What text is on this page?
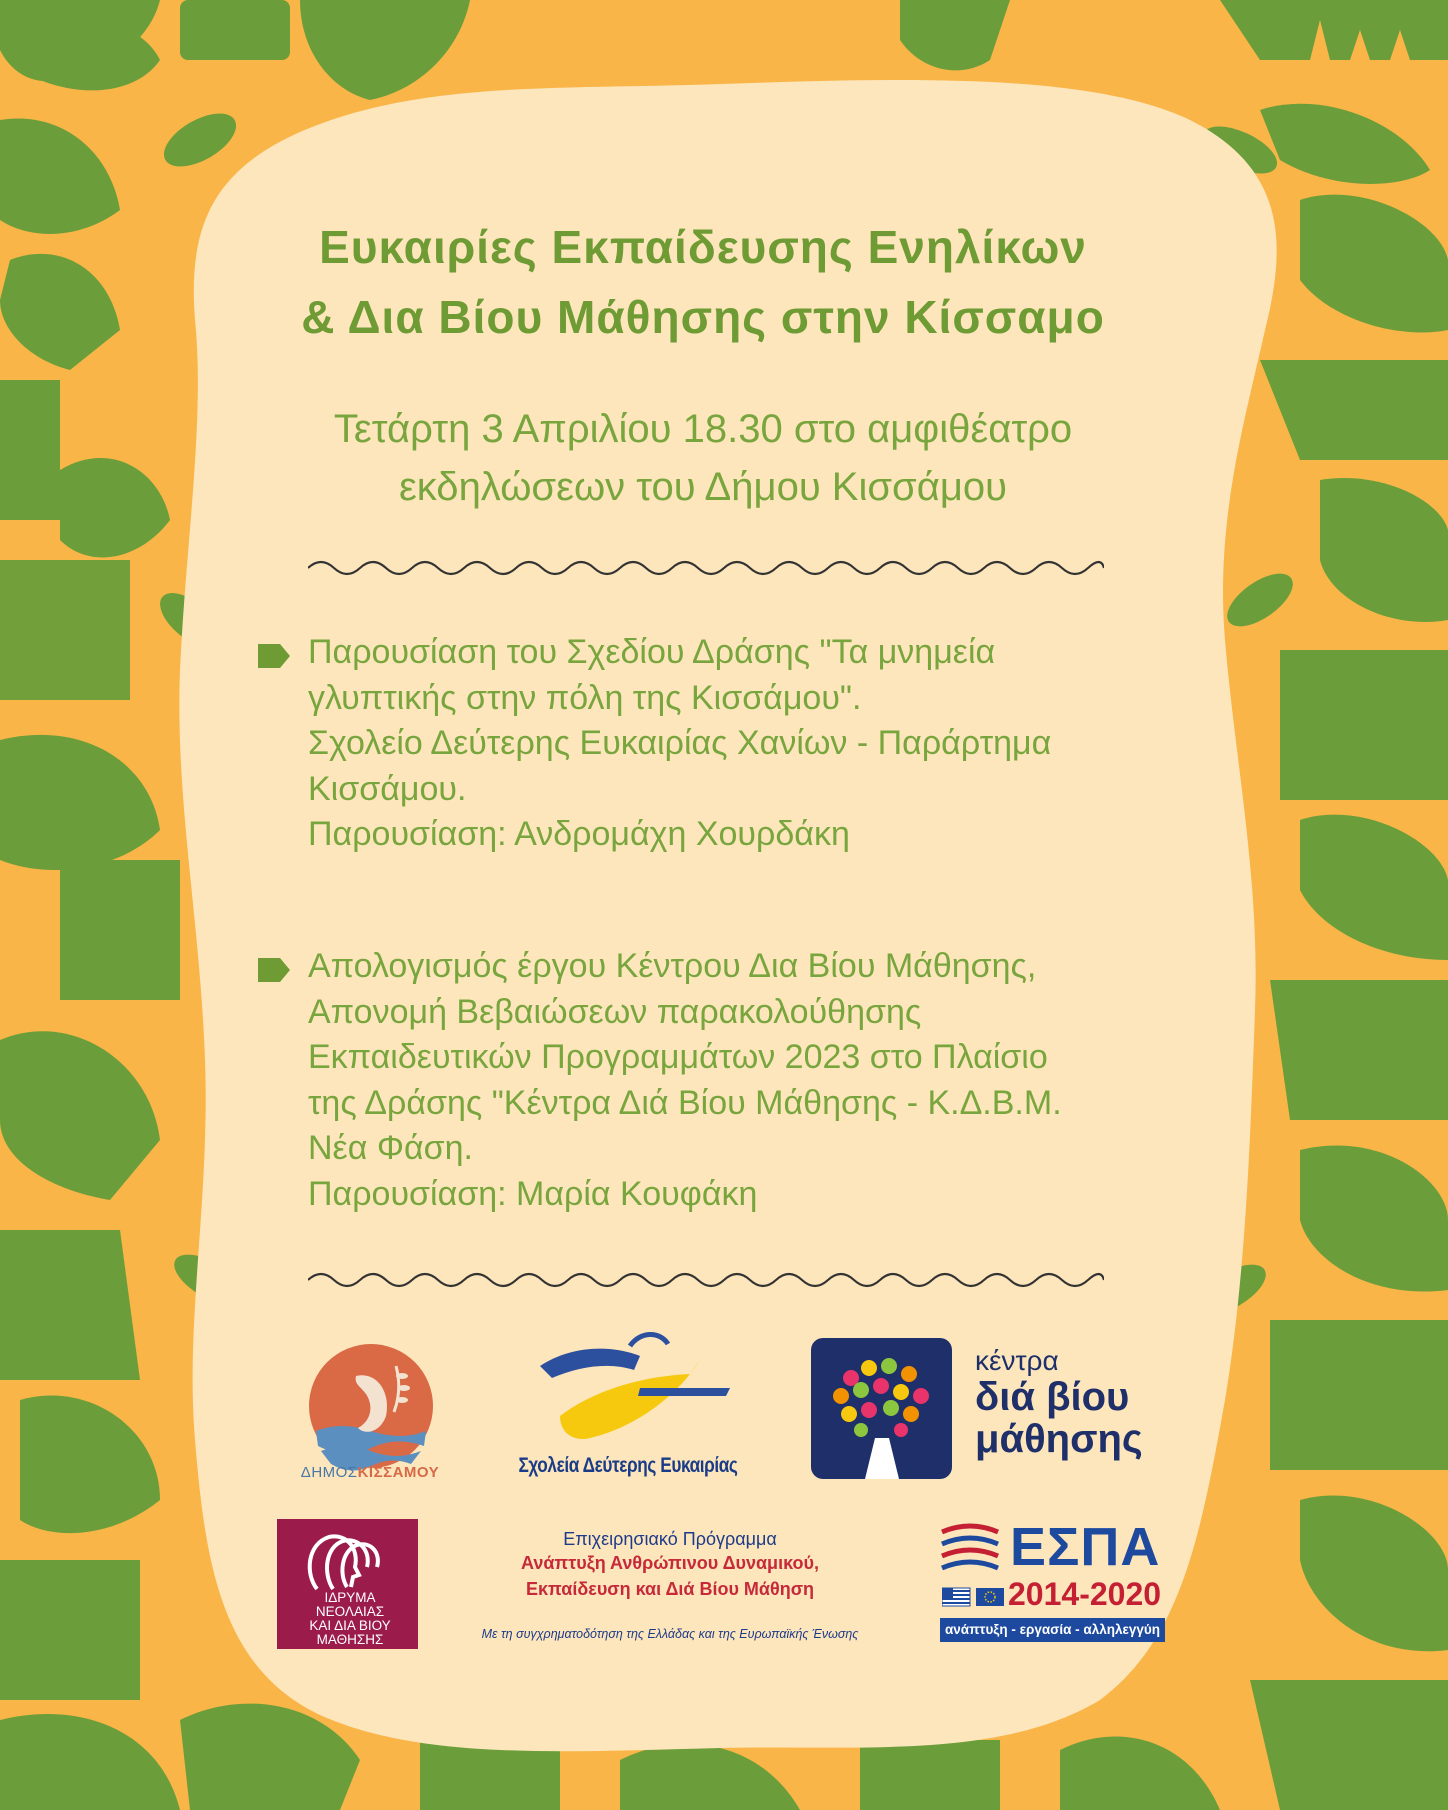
Ευκαιρίες Εκπαίδευσης Ενηλίκων
& Δια Βίου Μάθησης στην Κίσσαμο
Τετάρτη 3 Απριλίου 18.30 στο αμφιθέατρο
εκδηλώσεων του Δήμου Κισσάμου
Παρουσίαση του Σχεδίου Δράσης "Τα μνημεία
γλυπτικής στην πόλη της Κισσάμου".
Σχολείο Δεύτερης Ευκαιρίας Χανίων - Παράρτημα
Κισσάμου.
Παρουσίαση: Ανδρομάχη Χουρδάκη
Απολογισμός έργου Κέντρου Δια Βίου Μάθησης,
Απονομή Βεβαιώσεων παρακολούθησης
Εκπαιδευτικών Προγραμμάτων 2023 στο Πλαίσιο
της Δράσης "Κέντρα Διά Βίου Μάθησης - Κ.Δ.Β.Μ.
Νέα Φάση.
Παρουσίαση: Μαρία Κουφάκη
ΔΗΜΟΣΚΙΣΣΑΜΟΥ	Σχολεία Δεύτερης Ευκαιρίας
κέντρα
διά βίου
μάθησης
ΙΔΡΥΜΑ
ΝΕΟΛΑΙΑΣ
ΚΑΙ ΔΙΑ ΒΙΟΥ
ΜΑΘΗΣΗΣ
Επιχειρησιακό Πρόγραμμα
Ανάπτυξη Ανθρώπινου Δυναμικού,
Εκπαίδευση και Διά Βίου Μάθηση
Με τη συγχρηματοδότηση της Ελλάδας και της Ευρωπαϊκής Ένωσης
ΕΣΠΑ
2014-2020
ανάπτυξη - εργασία - αλληλεγγύη
